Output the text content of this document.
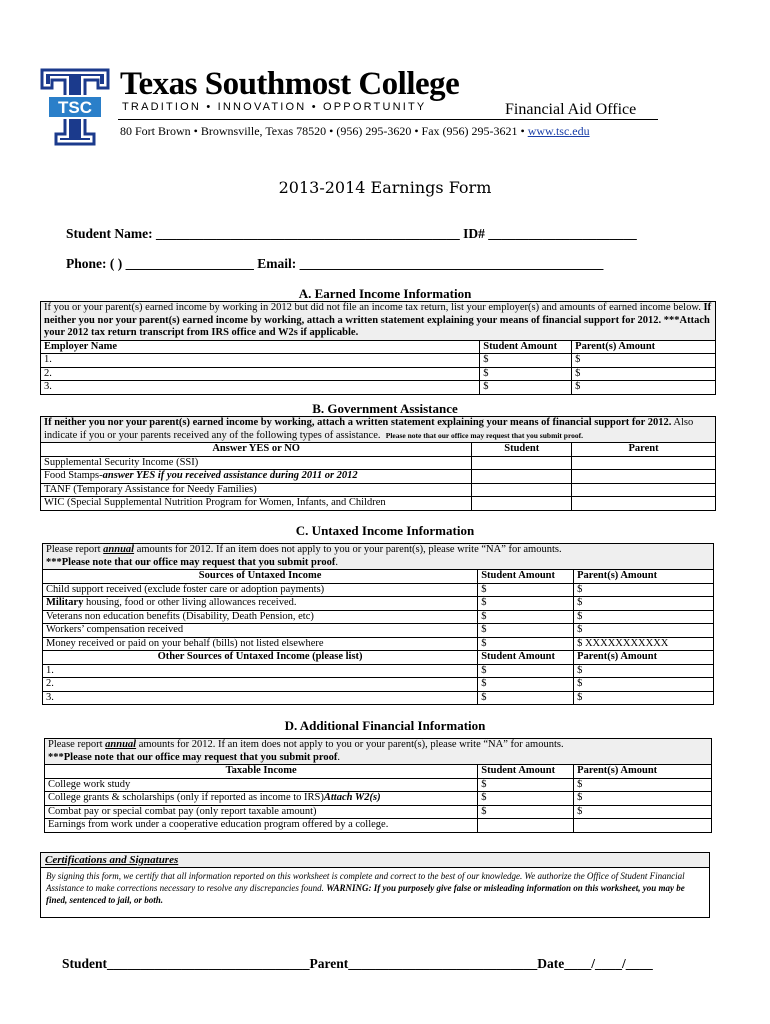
TSC
Texas Southmost College
TRADITION • INNOVATION • OPPORTUNITY	Financial Aid Office
80 Fort Brown • Brownsville, Texas 78520 • (956) 295-3620 • Fax (956) 295-3621 • www.tsc.edu
2013-2014 Earnings Form
Student Name: _____________________________________________ ID# ______________________
Phone: ( ) ___________________ Email: _____________________________________________
A. Earned Income Information
If you or your parent(s) earned income by working in 2012 but did not file an income tax return, list your employer(s) and amounts of earned income below. If neither you nor your parent(s) earned income by working, attach a written statement explaining your means of financial support for 2012. ***Attach your 2012 tax return transcript from IRS office and W2s if applicable.		
Employer Name	Student Amount	Parent(s) Amount
1.	$	$
2.	$	$
3.	$	$
B. Government Assistance
If neither you nor your parent(s) earned income by working, attach a written statement explaining your means of financial support for 2012. Also indicate if you or your parents received any of the following types of assistance. Please note that our office may request that you submit proof.		
Answer YES or NO	Student	Parent
Supplemental Security Income (SSI)		
Food Stamps-answer YES if you received assistance during 2011 or 2012		
TANF (Temporary Assistance for Needy Families)		
WIC (Special Supplemental Nutrition Program for Women, Infants, and Children		
C. Untaxed Income Information
Please report annual amounts for 2012. If an item does not apply to you or your parent(s), please write “NA” for amounts.
***Please note that our office may request that you submit proof.		
Sources of Untaxed Income	Student Amount	Parent(s) Amount
Child support received (exclude foster care or adoption payments)	$	$
Military housing, food or other living allowances received.	$	$
Veterans non education benefits (Disability, Death Pension, etc)	$	$
Workers’ compensation received	$	$
Money received or paid on your behalf (bills) not listed elsewhere	$	$ XXXXXXXXXXX
Other Sources of Untaxed Income (please list)	Student Amount	Parent(s) Amount
1.	$	$
2.	$	$
3.	$	$
D. Additional Financial Information
Please report annual amounts for 2012. If an item does not apply to you or your parent(s), please write “NA” for amounts.
***Please note that our office may request that you submit proof.		
Taxable Income	Student Amount	Parent(s) Amount
College work study	$	$
College grants & scholarships (only if reported as income to IRS)Attach W2(s)	$	$
Combat pay or special combat pay (only report taxable amount)	$	$
Earnings from work under a cooperative education program offered by a college.		
Certifications and Signatures
By signing this form, we certify that all information reported on this worksheet is complete and correct to the best of our knowledge. We authorize the Office of Student Financial Assistance to make corrections necessary to resolve any discrepancies found. WARNING: If you purposely give false or misleading information on this worksheet, you may be fined, sentenced to jail, or both.
Student______________________________Parent____________________________Date____/____/____
